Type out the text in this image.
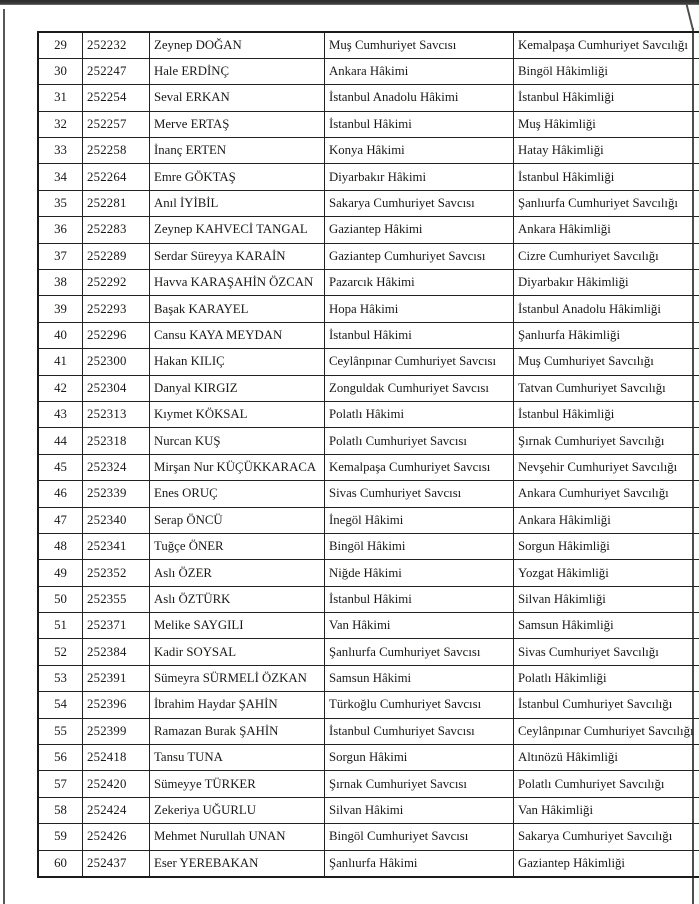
29	252232	Zeynep DOĞAN	Muş Cumhuriyet Savcısı	Kemalpaşa Cumhuriyet Savcılığı
30	252247	Hale ERDİNÇ	Ankara Hâkimi	Bingöl Hâkimliği
31	252254	Seval ERKAN	İstanbul Anadolu Hâkimi	İstanbul Hâkimliği
32	252257	Merve ERTAŞ	İstanbul Hâkimi	Muş Hâkimliği
33	252258	İnanç ERTEN	Konya Hâkimi	Hatay Hâkimliği
34	252264	Emre GÖKTAŞ	Diyarbakır Hâkimi	İstanbul Hâkimliği
35	252281	Anıl İYİBİL	Sakarya Cumhuriyet Savcısı	Şanlıurfa Cumhuriyet Savcılığı
36	252283	Zeynep KAHVECİ TANGAL	Gaziantep Hâkimi	Ankara Hâkimliği
37	252289	Serdar Süreyya KARAİN	Gaziantep Cumhuriyet Savcısı	Cizre Cumhuriyet Savcılığı
38	252292	Havva KARAŞAHİN ÖZCAN	Pazarcık Hâkimi	Diyarbakır Hâkimliği
39	252293	Başak KARAYEL	Hopa Hâkimi	İstanbul Anadolu Hâkimliği
40	252296	Cansu KAYA MEYDAN	İstanbul Hâkimi	Şanlıurfa Hâkimliği
41	252300	Hakan KILIÇ	Ceylânpınar Cumhuriyet Savcısı	Muş Cumhuriyet Savcılığı
42	252304	Danyal KIRGIZ	Zonguldak Cumhuriyet Savcısı	Tatvan Cumhuriyet Savcılığı
43	252313	Kıymet KÖKSAL	Polatlı Hâkimi	İstanbul Hâkimliği
44	252318	Nurcan KUŞ	Polatlı Cumhuriyet Savcısı	Şırnak Cumhuriyet Savcılığı
45	252324	Mirşan Nur KÜÇÜKKARACA	Kemalpaşa Cumhuriyet Savcısı	Nevşehir Cumhuriyet Savcılığı
46	252339	Enes ORUÇ	Sivas Cumhuriyet Savcısı	Ankara Cumhuriyet Savcılığı
47	252340	Serap ÖNCÜ	İnegöl Hâkimi	Ankara Hâkimliği
48	252341	Tuğçe ÖNER	Bingöl Hâkimi	Sorgun Hâkimliği
49	252352	Aslı ÖZER	Niğde Hâkimi	Yozgat Hâkimliği
50	252355	Aslı ÖZTÜRK	İstanbul Hâkimi	Silvan Hâkimliği
51	252371	Melike SAYGILI	Van Hâkimi	Samsun Hâkimliği
52	252384	Kadir SOYSAL	Şanlıurfa Cumhuriyet Savcısı	Sivas Cumhuriyet Savcılığı
53	252391	Sümeyra SÜRMELİ ÖZKAN	Samsun Hâkimi	Polatlı Hâkimliği
54	252396	İbrahim Haydar ŞAHİN	Türkoğlu Cumhuriyet Savcısı	İstanbul Cumhuriyet Savcılığı
55	252399	Ramazan Burak ŞAHİN	İstanbul Cumhuriyet Savcısı	Ceylânpınar Cumhuriyet Savcılığı
56	252418	Tansu TUNA	Sorgun Hâkimi	Altınözü Hâkimliği
57	252420	Sümeyye TÜRKER	Şırnak Cumhuriyet Savcısı	Polatlı Cumhuriyet Savcılığı
58	252424	Zekeriya UĞURLU	Silvan Hâkimi	Van Hâkimliği
59	252426	Mehmet Nurullah UNAN	Bingöl Cumhuriyet Savcısı	Sakarya Cumhuriyet Savcılığı
60	252437	Eser YEREBAKAN	Şanlıurfa Hâkimi	Gaziantep Hâkimliği
